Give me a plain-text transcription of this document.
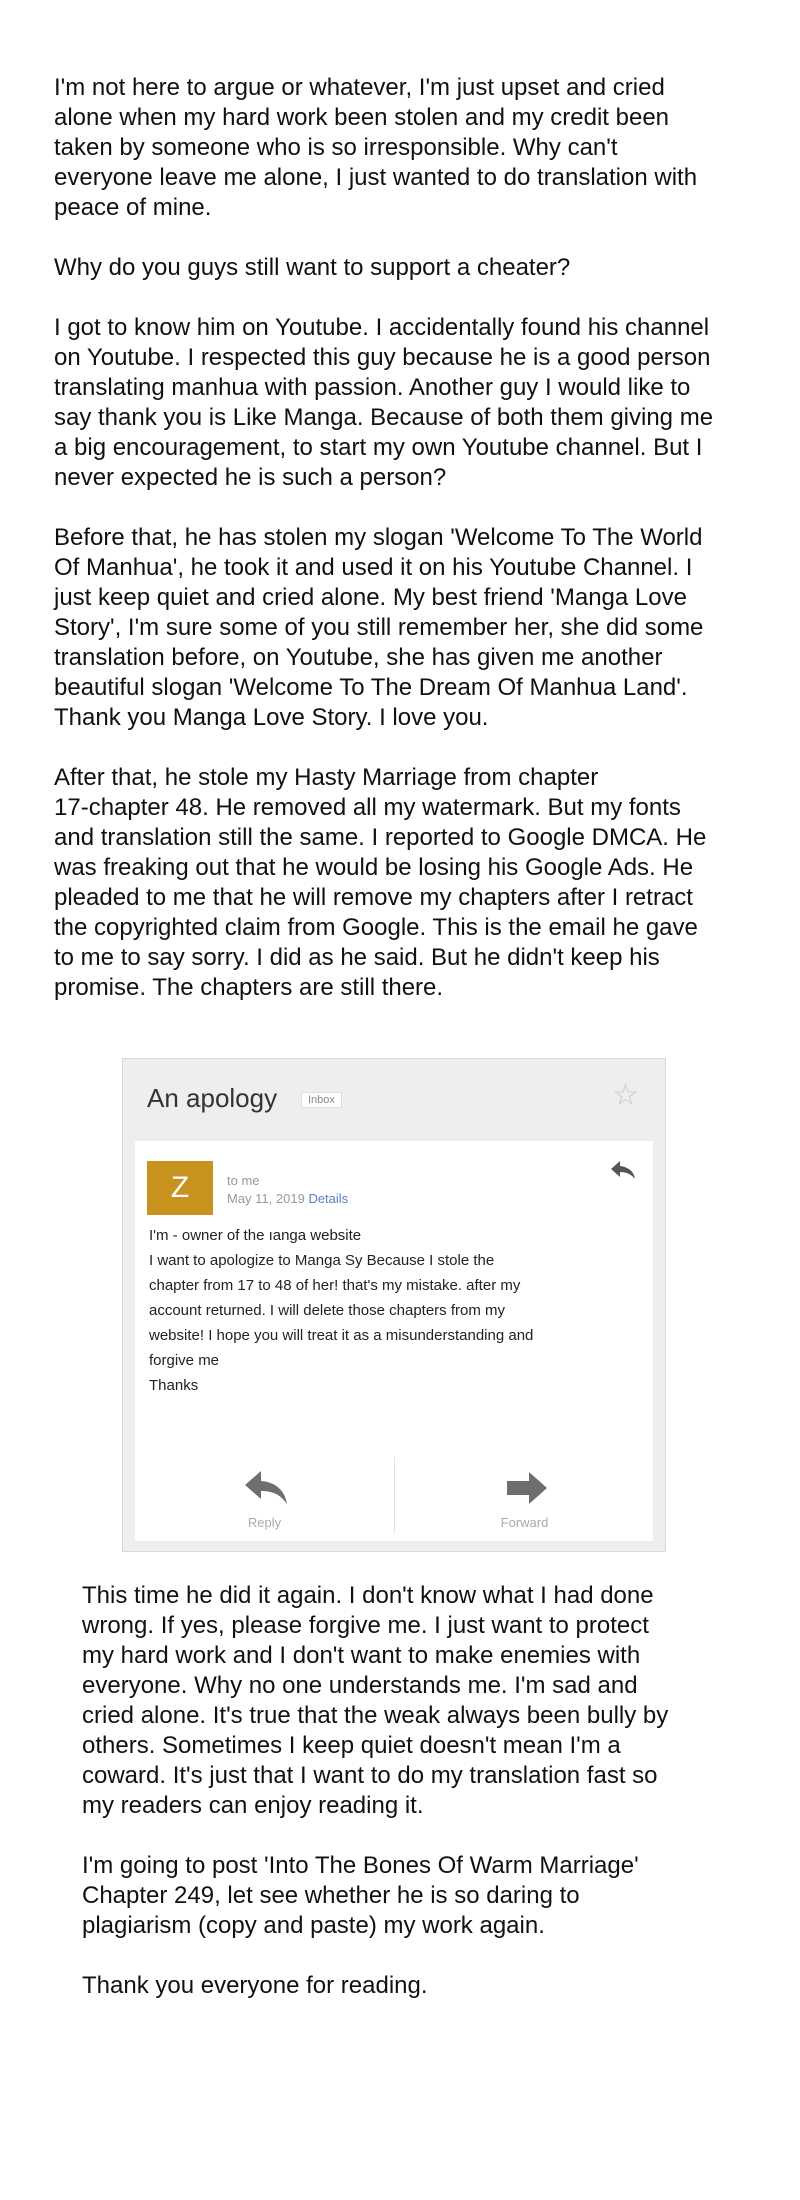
I'm not here to argue or whatever, I'm just upset and cried
alone when my hard work been stolen and my credit been
taken by someone who is so irresponsible. Why can't
everyone leave me alone, I just wanted to do translation with
peace of mine.

Why do you guys still want to support a cheater?

I got to know him on Youtube. I accidentally found his channel
on Youtube. I respected this guy because he is a good person
translating manhua with passion. Another guy I would like to
say thank you is Like Manga. Because of both them giving me
a big encouragement, to start my own Youtube channel. But I
never expected he is such a person?

Before that, he has stolen my slogan 'Welcome To The World
Of Manhua', he took it and used it on his Youtube Channel. I
just keep quiet and cried alone. My best friend 'Manga Love
Story', I'm sure some of you still remember her, she did some
translation before, on Youtube, she has given me another
beautiful slogan 'Welcome To The Dream Of Manhua Land'.
Thank you Manga Love Story. I love you.

After that, he stole my Hasty Marriage from chapter
17-chapter 48. He removed all my watermark. But my fonts
and translation still the same. I reported to Google DMCA. He
was freaking out that he would be losing his Google Ads. He
pleaded to me that he will remove my chapters after I retract
the copyrighted claim from Google. This is the email he gave
to me to say sorry. I did as he said. But he didn't keep his
promise. The chapters are still there.

An apology	Inbox	☆
Z	to me
May 11, 2019 Details
I'm - owner of the ıanga website
I want to apologize to Manga Sy Because I stole the
chapter from 17 to 48 of her! that's my mistake. after my
account returned. I will delete those chapters from my
website! I hope you will treat it as a misunderstanding and
forgive me
Thanks
Reply	Forward

This time he did it again. I don't know what I had done
wrong. If yes, please forgive me. I just want to protect
my hard work and I don't want to make enemies with
everyone. Why no one understands me. I'm sad and
cried alone. It's true that the weak always been bully by
others. Sometimes I keep quiet doesn't mean I'm a
coward. It's just that I want to do my translation fast so
my readers can enjoy reading it.

I'm going to post 'Into The Bones Of Warm Marriage'
Chapter 249, let see whether he is so daring to
plagiarism (copy and paste) my work again.

Thank you everyone for reading.
